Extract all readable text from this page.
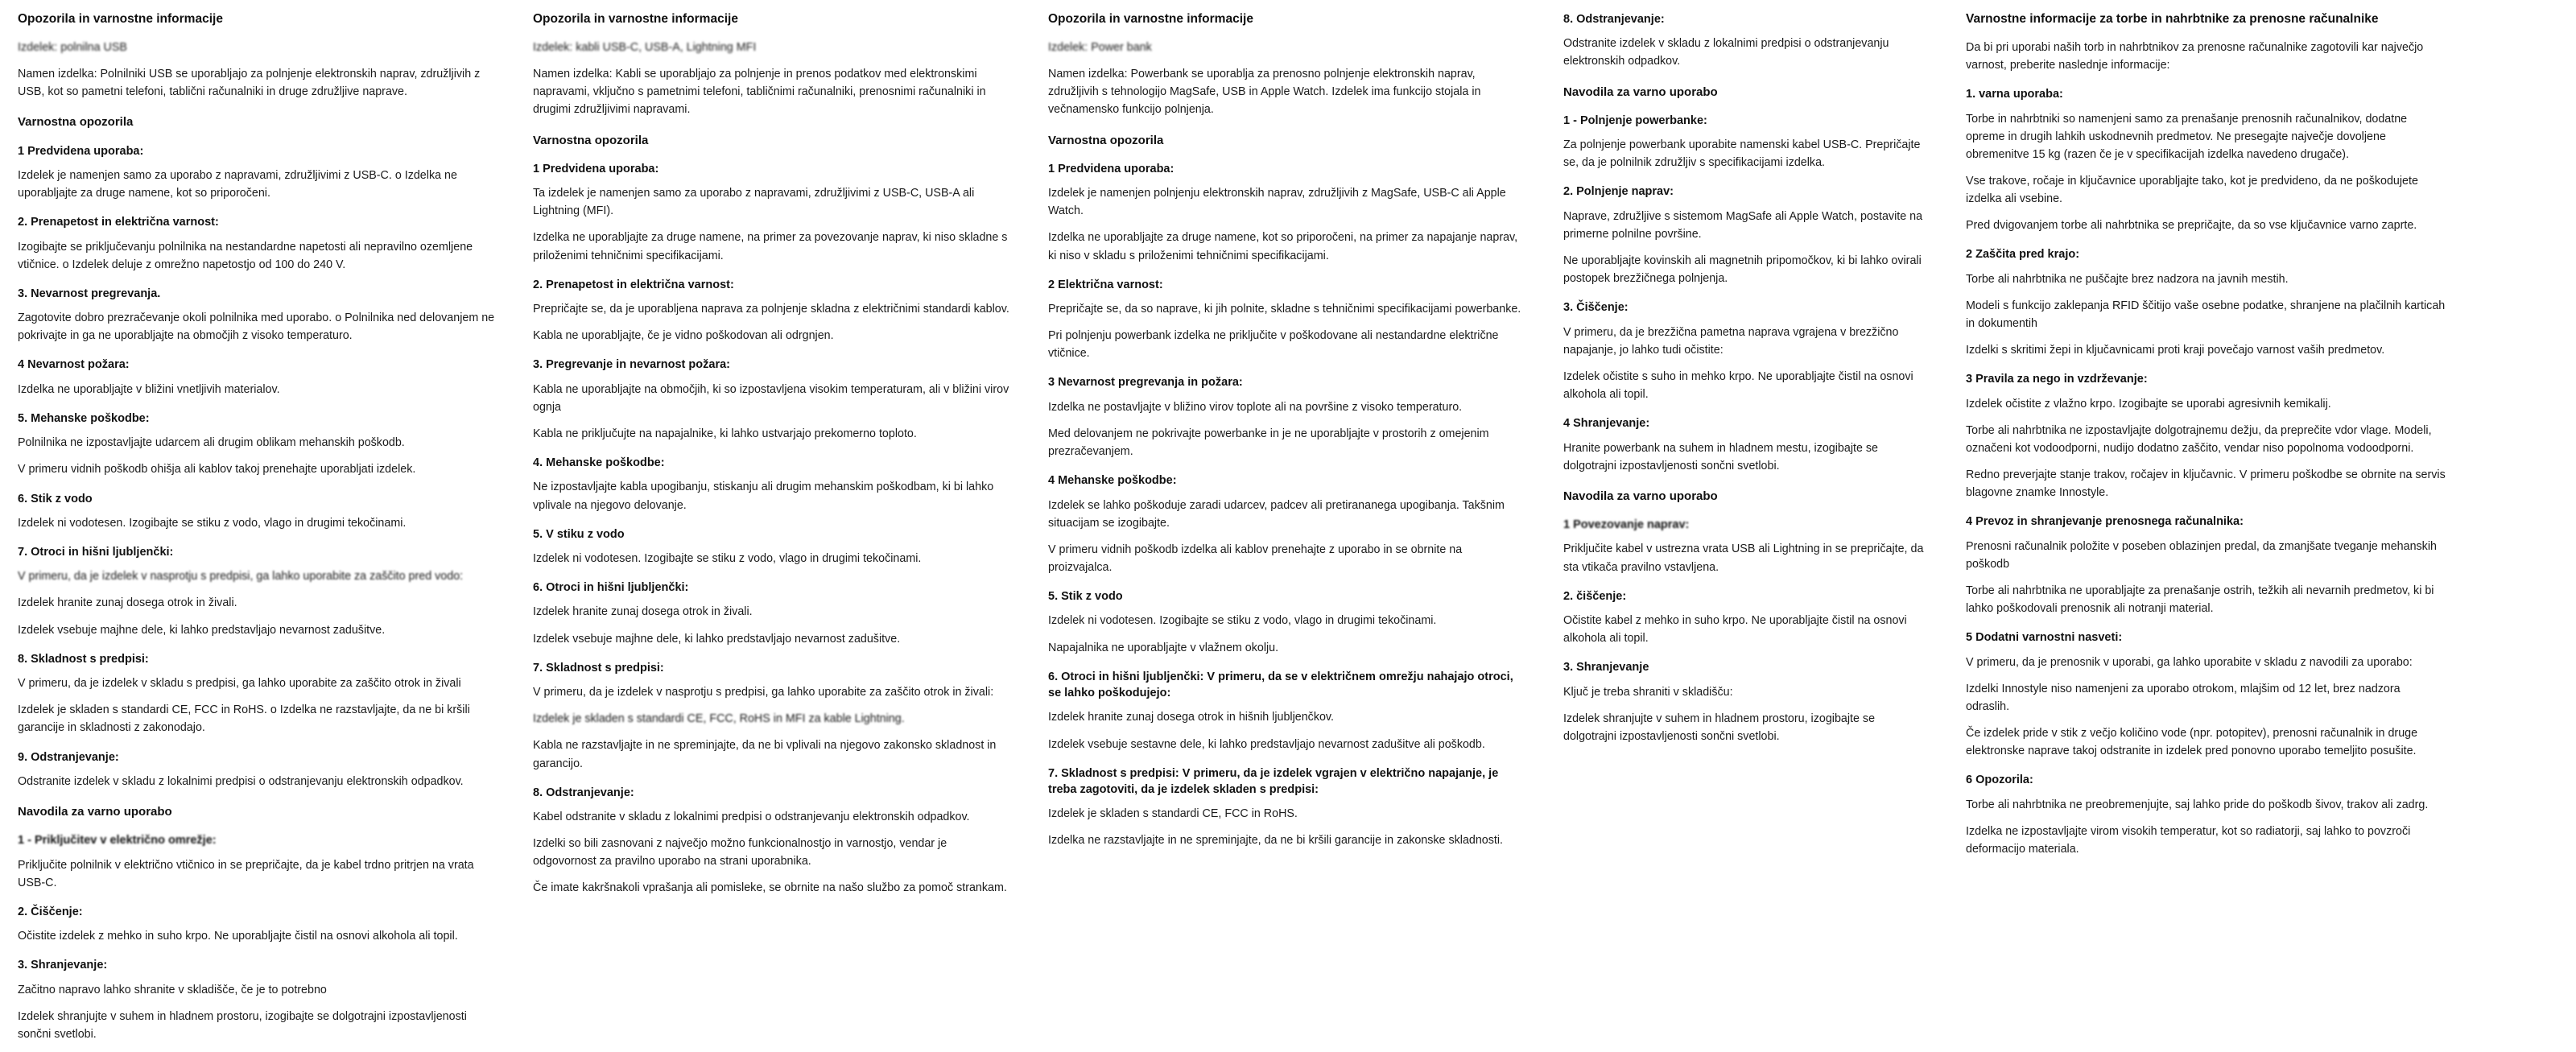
Opozorila in varnostne informacije
Izdelek: polnilna USB
Namen izdelka: Polnilniki USB se uporabljajo za polnjenje elektronskih naprav, združljivih z USB, kot so pametni telefoni, tablični računalniki in druge združljive naprave.
Varnostna opozorila
1 Predvidena uporaba:
Izdelek je namenjen samo za uporabo z napravami, združljivimi z USB-C. o Izdelka ne uporabljajte za druge namene, kot so priporočeni.
2. Prenapetost in električna varnost:
Izogibajte se priključevanju polnilnika na nestandardne napetosti ali nepravilno ozemljene vtičnice. o Izdelek deluje z omrežno napetostjo od 100 do 240 V.
3. Nevarnost pregrevanja.
Zagotovite dobro prezračevanje okoli polnilnika med uporabo. o Polnilnika ned delovanjem ne pokrivajte in ga ne uporabljajte na območjih z visoko temperaturo.
4 Nevarnost požara:
Izdelka ne uporabljajte v bližini vnetljivih materialov.
5. Mehanske poškodbe:
Polnilnika ne izpostavljajte udarcem ali drugim oblikam mehanskih poškodb.
V primeru vidnih poškodb ohišja ali kablov takoj prenehajte uporabljati izdelek.
6. Stik z vodo
Izdelek ni vodotesen. Izogibajte se stiku z vodo, vlago in drugimi tekočinami.
7. Otroci in hišni ljubljenčki:
V primeru, da je izdelek v nasprotju s predpisi, ga lahko uporabite za zaščito pred vodo:
Izdelek hranite zunaj dosega otrok in živali.
Izdelek vsebuje majhne dele, ki lahko predstavljajo nevarnost zadušitve.
8. Skladnost s predpisi:
V primeru, da je izdelek v skladu s predpisi, ga lahko uporabite za zaščito otrok in živali
Izdelek je skladen s standardi CE, FCC in RoHS. o Izdelka ne razstavljajte, da ne bi kršili garancije in skladnosti z zakonodajo.
9. Odstranjevanje:
Odstranite izdelek v skladu z lokalnimi predpisi o odstranjevanju elektronskih odpadkov.
Navodila za varno uporabo
1 - Priključitev v električno omrežje:
Priključite polnilnik v električno vtičnico in se prepričajte, da je kabel trdno pritrjen na vrata USB-C.
2. Čiščenje:
Očistite izdelek z mehko in suho krpo. Ne uporabljajte čistil na osnovi alkohola ali topil.
3. Shranjevanje:
Začitno napravo lahko shranite v skladišče, če je to potrebno
Izdelek shranjujte v suhem in hladnem prostoru, izogibajte se dolgotrajni izpostavljenosti sončni svetlobi.
Opozorila in varnostne informacije
Izdelek: kabli USB-C, USB-A, Lightning MFI
Namen izdelka: Kabli se uporabljajo za polnjenje in prenos podatkov med elektronskimi napravami, vključno s pametnimi telefoni, tabličnimi računalniki, prenosnimi računalniki in drugimi združljivimi napravami.
Varnostna opozorila
1 Predvidena uporaba:
Ta izdelek je namenjen samo za uporabo z napravami, združljivimi z USB-C, USB-A ali Lightning (MFI).
Izdelka ne uporabljajte za druge namene, na primer za povezovanje naprav, ki niso skladne s priloženimi tehničnimi specifikacijami.
2. Prenapetost in električna varnost:
Prepričajte se, da je uporabljena naprava za polnjenje skladna z električnimi standardi kablov.
Kabla ne uporabljajte, če je vidno poškodovan ali odrgnjen.
3. Pregrevanje in nevarnost požara:
Kabla ne uporabljajte na območjih, ki so izpostavljena visokim temperaturam, ali v bližini virov ognja
Kabla ne priključujte na napajalnike, ki lahko ustvarjajo prekomerno toploto.
4. Mehanske poškodbe:
Ne izpostavljajte kabla upogibanju, stiskanju ali drugim mehanskim poškodbam, ki bi lahko vplivale na njegovo delovanje.
5. V stiku z vodo
Izdelek ni vodotesen. Izogibajte se stiku z vodo, vlago in drugimi tekočinami.
6. Otroci in hišni ljubljenčki:
Izdelek hranite zunaj dosega otrok in živali.
Izdelek vsebuje majhne dele, ki lahko predstavljajo nevarnost zadušitve.
7. Skladnost s predpisi:
V primeru, da je izdelek v nasprotju s predpisi, ga lahko uporabite za zaščito otrok in živali:
Izdelek je skladen s standardi CE, FCC, RoHS in MFI za kable Lightning.
Kabla ne razstavljajte in ne spreminjajte, da ne bi vplivali na njegovo zakonsko skladnost in garancijo.
8. Odstranjevanje:
Kabel odstranite v skladu z lokalnimi predpisi o odstranjevanju elektronskih odpadkov.
Izdelki so bili zasnovani z največjo možno funkcionalnostjo in varnostjo, vendar je odgovornost za pravilno uporabo na strani uporabnika.
Če imate kakršnakoli vprašanja ali pomislekе, se obrnite na našo službo za pomoč strankam.
Opozorila in varnostne informacije
Izdelek: Power bank
Namen izdelka: Powerbank se uporablja za prenosno polnjenje elektronskih naprav, združljivih s tehnologijo MagSafe, USB in Apple Watch. Izdelek ima funkcijo stojala in večnamensko funkcijo polnjenja.
Varnostna opozorila
1 Predvidena uporaba:
Izdelek je namenjen polnjenju elektronskih naprav, združljivih z MagSafe, USB-C ali Apple Watch.
Izdelka ne uporabljajte za druge namene, kot so priporočeni, na primer za napajanje naprav, ki niso v skladu s priloženimi tehničnimi specifikacijami.
2 Električna varnost:
Prepričajte se, da so naprave, ki jih polnite, skladne s tehničnimi specifikacijami powerbanke.
Pri polnjenju powerbank izdelka ne priključite v poškodovane ali nestandardne električne vtičnice.
3 Nevarnost pregrevanja in požara:
Izdelka ne postavljajte v bližino virov toplote ali na površine z visoko temperaturo.
Med delovanjem ne pokrivajte powerbanke in je ne uporabljajte v prostorih z omejenim prezračevanjem.
4 Mehanske poškodbe:
Izdelek se lahko poškoduje zaradi udarcev, padcev ali pretirananega upogibanja. Takšnim situacijam se izogibajte.
V primeru vidnih poškodb izdelka ali kablov prenehajte z uporabo in se obrnite na proizvajalca.
5. Stik z vodo
Izdelek ni vodotesen. Izogibajte se stiku z vodo, vlago in drugimi tekočinami.
Napajalnika ne uporabljajte v vlažnem okolju.
6. Otroci in hišni ljubljenčki: V primeru, da se v električnem omrežju nahajajo otroci, se lahko poškodujejo:
Izdelek hranite zunaj dosega otrok in hišnih ljubljenčkov.
Izdelek vsebuje sestavne dele, ki lahko predstavljajo nevarnost zadušitve ali poškodb.
7. Skladnost s predpisi: V primeru, da je izdelek vgrajen v električno napajanje, je treba zagotoviti, da je izdelek skladen s predpisi:
Izdelek je skladen s standardi CE, FCC in RoHS.
Izdelka ne razstavljajte in ne spreminjajte, da ne bi kršili garancije in zakonske skladnosti.
8. Odstranjevanje:
Odstranite izdelek v skladu z lokalnimi predpisi o odstranjevanju elektronskih odpadkov.
Navodila za varno uporabo
1 - Polnjenje powerbanke:
Za polnjenje powerbank uporabite namenski kabel USB-C. Prepričajte se, da je polnilnik združljiv s specifikacijami izdelka.
2. Polnjenje naprav:
Naprave, združljive s sistemom MagSafe ali Apple Watch, postavite na primerne polnilne površine.
Ne uporabljajte kovinskih ali magnetnih pripomočkov, ki bi lahko ovirali postopek brezžičnega polnjenja.
3. Čiščenje:
V primeru, da je brezžična pametna naprava vgrajena v brezžično napajanje, jo lahko tudi očistite:
Izdelek očistite s suho in mehko krpo. Ne uporabljajte čistil na osnovi alkohola ali topil.
4 Shranjevanje:
Hranite powerbank na suhem in hladnem mestu, izogibajte se dolgotrajni izpostavljenosti sončni svetlobi.
Navodila za varno uporabo
1 Povezovanje naprav:
Priključite kabel v ustrezna vrata USB ali Lightning in se prepričajte, da sta vtikača pravilno vstavljena.
2. čiščenje:
Očistite kabel z mehko in suho krpo. Ne uporabljajte čistil na osnovi alkohola ali topil.
3. Shranjevanje
Ključ je treba shraniti v skladišču:
Izdelek shranjujte v suhem in hladnem prostoru, izogibajte se dolgotrajni izpostavljenosti sončni svetlobi.
Varnostne informacije za torbe in nahrbtnike za prenosne računalnike
Da bi pri uporabi naših torb in nahrbtnikov za prenosne računalnike zagotovili kar največjo varnost, preberite naslednje informacije:
1. varna uporaba:
Torbe in nahrbtniki so namenjeni samo za prenašanje prenosnih računalnikov, dodatne opreme in drugih lahkih uskodnevnih predmetov. Ne presegajte največje dovoljene obremenitve 15 kg (razen če je v specifikacijah izdelka navedeno drugače).
Vse trakove, ročaje in ključavnice uporabljajte tako, kot je predvideno, da ne poškodujete izdelka ali vsebine.
Pred dvigovanjem torbe ali nahrbtnika se prepričajte, da so vse ključavnice varno zaprte.
2 Zaščita pred krajo:
Torbe ali nahrbtnika ne puščajte brez nadzora na javnih mestih.
Modeli s funkcijo zaklepanja RFID ščitijo vaše osebne podatke, shranjene na plačilnih karticah in dokumentih
Izdelki s skritimi žepi in ključavnicami proti kraji povečajo varnost vaših predmetov.
3 Pravila za nego in vzdrževanje:
Izdelek očistite z vlažno krpo. Izogibajte se uporabi agresivnih kemikalij.
Torbe ali nahrbtnika ne izpostavljajte dolgotrajnemu dežju, da preprečite vdor vlage. Modeli, označeni kot vodoodporni, nudijo dodatno zaščito, vendar niso popolnoma vodoodporni.
Redno preverjajte stanje trakov, ročajev in ključavnic. V primeru poškodbe se obrnite na servis blagovne znamke Innostyle.
4 Prevoz in shranjevanje prenosnega računalnika:
Prenosni računalnik položite v poseben oblazinjen predal, da zmanjšate tveganje mehanskih poškodb
Torbe ali nahrbtnika ne uporabljajte za prenašanje ostrih, težkih ali nevarnih predmetov, ki bi lahko poškodovali prenosnik ali notranji material.
5 Dodatni varnostni nasveti:
V primeru, da je prenosnik v uporabi, ga lahko uporabite v skladu z navodili za uporabo:
Izdelki Innostyle niso namenjeni za uporabo otrokom, mlajšim od 12 let, brez nadzora odraslih.
Če izdelek pride v stik z večjo količino vode (npr. potopitev), prenosni računalnik in druge elektronske naprave takoj odstranite in izdelek pred ponovno uporabo temeljito posušite.
6 Opozorila:
Torbe ali nahrbtnika ne preobremenjujte, saj lahko pride do poškodb šivov, trakov ali zadrg.
Izdelka ne izpostavljajte virom visokih temperatur, kot so radiatorji, saj lahko to povzroči deformacijo materiala.
